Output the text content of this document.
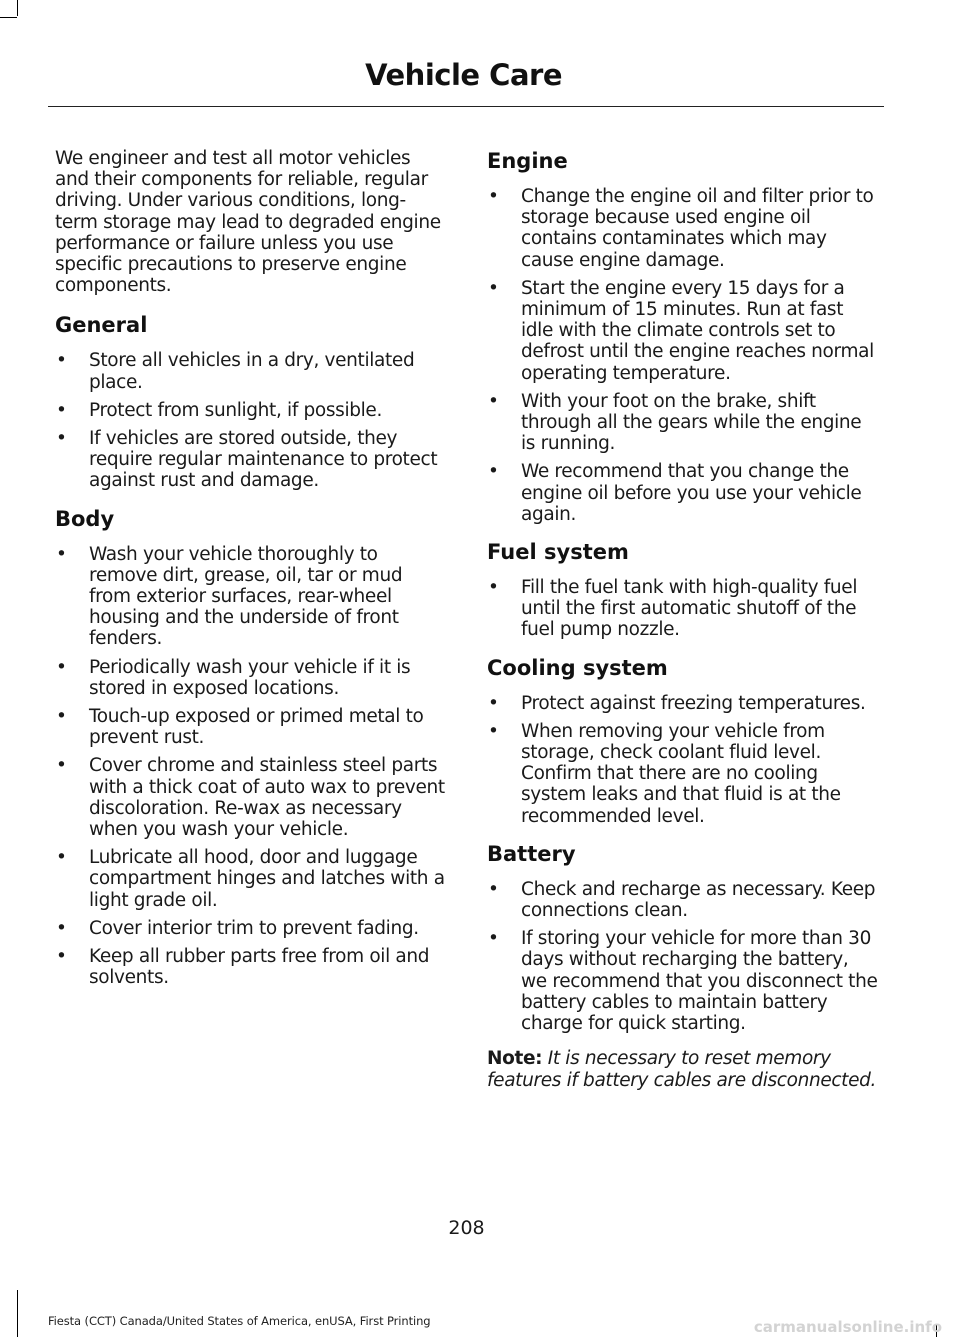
Vehicle Care

We engineer and test all motor vehicles and their components for reliable, regular driving. Under various conditions, long-term storage may lead to degraded engine performance or failure unless you use specific precautions to preserve engine components.

General
• Store all vehicles in a dry, ventilated place.
• Protect from sunlight, if possible.
• If vehicles are stored outside, they require regular maintenance to protect against rust and damage.
Body
• Wash your vehicle thoroughly to remove dirt, grease, oil, tar or mud from exterior surfaces, rear-wheel housing and the underside of front fenders.
• Periodically wash your vehicle if it is stored in exposed locations.
• Touch-up exposed or primed metal to prevent rust.
• Cover chrome and stainless steel parts with a thick coat of auto wax to prevent discoloration. Re-wax as necessary when you wash your vehicle.
• Lubricate all hood, door and luggage compartment hinges and latches with a light grade oil.
• Cover interior trim to prevent fading.
• Keep all rubber parts free from oil and solvents.
Engine
• Change the engine oil and filter prior to storage because used engine oil contains contaminates which may cause engine damage.
• Start the engine every 15 days for a minimum of 15 minutes. Run at fast idle with the climate controls set to defrost until the engine reaches normal operating temperature.
• With your foot on the brake, shift through all the gears while the engine is running.
• We recommend that you change the engine oil before you use your vehicle again.
Fuel system
• Fill the fuel tank with high-quality fuel until the first automatic shutoff of the fuel pump nozzle.
Cooling system
• Protect against freezing temperatures.
• When removing your vehicle from storage, check coolant fluid level. Confirm that there are no cooling system leaks and that fluid is at the recommended level.
Battery
• Check and recharge as necessary. Keep connections clean.
• If storing your vehicle for more than 30 days without recharging the battery, we recommend that you disconnect the battery cables to maintain battery charge for quick starting.
Note: It is necessary to reset memory features if battery cables are disconnected.
208
Fiesta (CCT) Canada/United States of America, enUSA, First Printing	carmanualsonline.info
